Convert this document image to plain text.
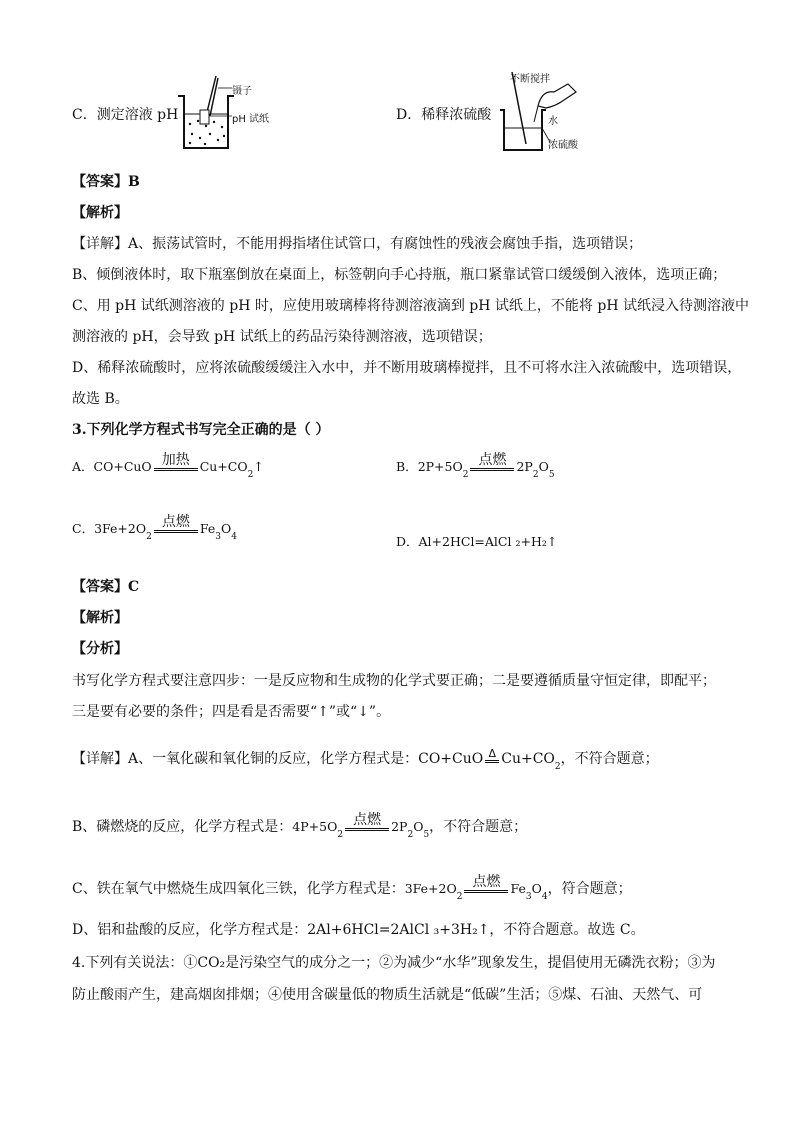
C．测定溶液 pH
镊子
pH 试纸	D．稀释浓硫酸
不断搅拌
水
浓硫酸
【答案】B
【解析】
【详解】A、振荡试管时，不能用拇指堵住试管口，有腐蚀性的残液会腐蚀手指，选项错误；
B、倾倒液体时，取下瓶塞倒放在桌面上，标签朝向手心持瓶，瓶口紧靠试管口缓缓倒入液体，选项正确；
C、用 pH 试纸测溶液的 pH 时，应使用玻璃棒将待测溶液滴到 pH 试纸上，不能将 pH 试纸浸入待测溶液中
测溶液的 pH，会导致 pH 试纸上的药品污染待测溶液，选项错误；
D、稀释浓硫酸时，应将浓硫酸缓缓注入水中，并不断用玻璃棒搅拌，且不可将水注入浓硫酸中，选项错误，
故选 B。
3.下列化学方程式书写完全正确的是（ ）
A． CO+CuO 加热 Cu+CO
2
↑	B． 2P+5O
2
点燃 2P
2
O
5
C． 3Fe+2O
2
点燃 Fe
3
O
4	D．Al+2HCl=AlCl ₂+H₂↑
【答案】C
【解析】
【分析】
书写化学方程式要注意四步：一是反应物和生成物的化学式要正确；二是要遵循质量守恒定律，即配平；
三是要有必要的条件；四是看是否需要“↑”或“↓”。
【详解】A、一氧化碳和氧化铜的反应，化学方程式是： CO+CuO Δ Cu+CO 2 ，不符合题意；
B、磷燃烧的反应，化学方程式是： 4P+5O
2
点燃 2P
2
O
5 ，不符合题意；
C、铁在氧气中燃烧生成四氧化三铁，化学方程式是： 3Fe+2O
2
点燃 Fe
3
O
4 ，符合题意；
D、铝和盐酸的反应，化学方程式是：2Al+6HCl=2AlCl ₃+3H₂↑，不符合题意。故选 C。
4.下列有关说法：①CO₂是污染空气的成分之一；②为减少“水华”现象发生，提倡使用无磷洗衣粉；③为
防止酸雨产生，建高烟囱排烟；④使用含碳量低的物质生活就是“低碳”生活；⑤煤、石油、天然气、可
